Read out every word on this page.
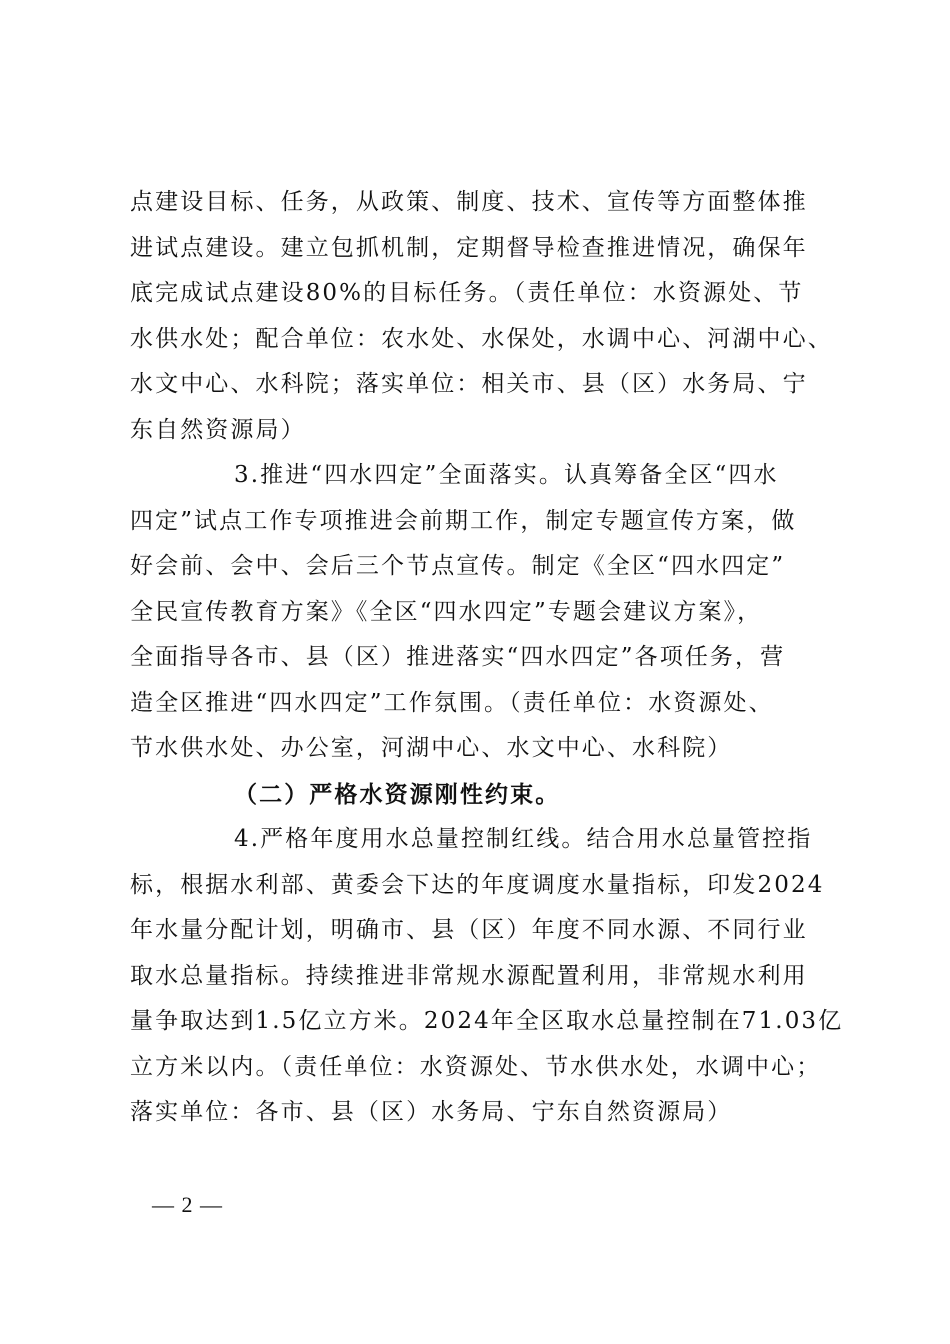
点建设目标、任务，从政策、制度、技术、宣传等方面整体推
进试点建设。建立包抓机制，定期督导检查推进情况，确保年
底完成试点建设80%的目标任务。（责任单位：水资源处、节
水供水处；配合单位：农水处、水保处，水调中心、河湖中心、
水文中心、水科院；落实单位：相关市、县（区）水务局、宁
东自然资源局）
3.推进“四水四定”全面落实。认真筹备全区“四水
四定”试点工作专项推进会前期工作，制定专题宣传方案，做
好会前、会中、会后三个节点宣传。制定《全区“四水四定”
全民宣传教育方案》《全区“四水四定”专题会建议方案》，
全面指导各市、县（区）推进落实“四水四定”各项任务，营
造全区推进“四水四定”工作氛围。（责任单位：水资源处、
节水供水处、办公室，河湖中心、水文中心、水科院）
（二）严格水资源刚性约束。
4.严格年度用水总量控制红线。结合用水总量管控指
标，根据水利部、黄委会下达的年度调度水量指标，印发2024
年水量分配计划，明确市、县（区）年度不同水源、不同行业
取水总量指标。持续推进非常规水源配置利用，非常规水利用
量争取达到1.5亿立方米。2024年全区取水总量控制在71.03亿
立方米以内。（责任单位：水资源处、节水供水处，水调中心；
落实单位：各市、县（区）水务局、宁东自然资源局）
— 2 —
